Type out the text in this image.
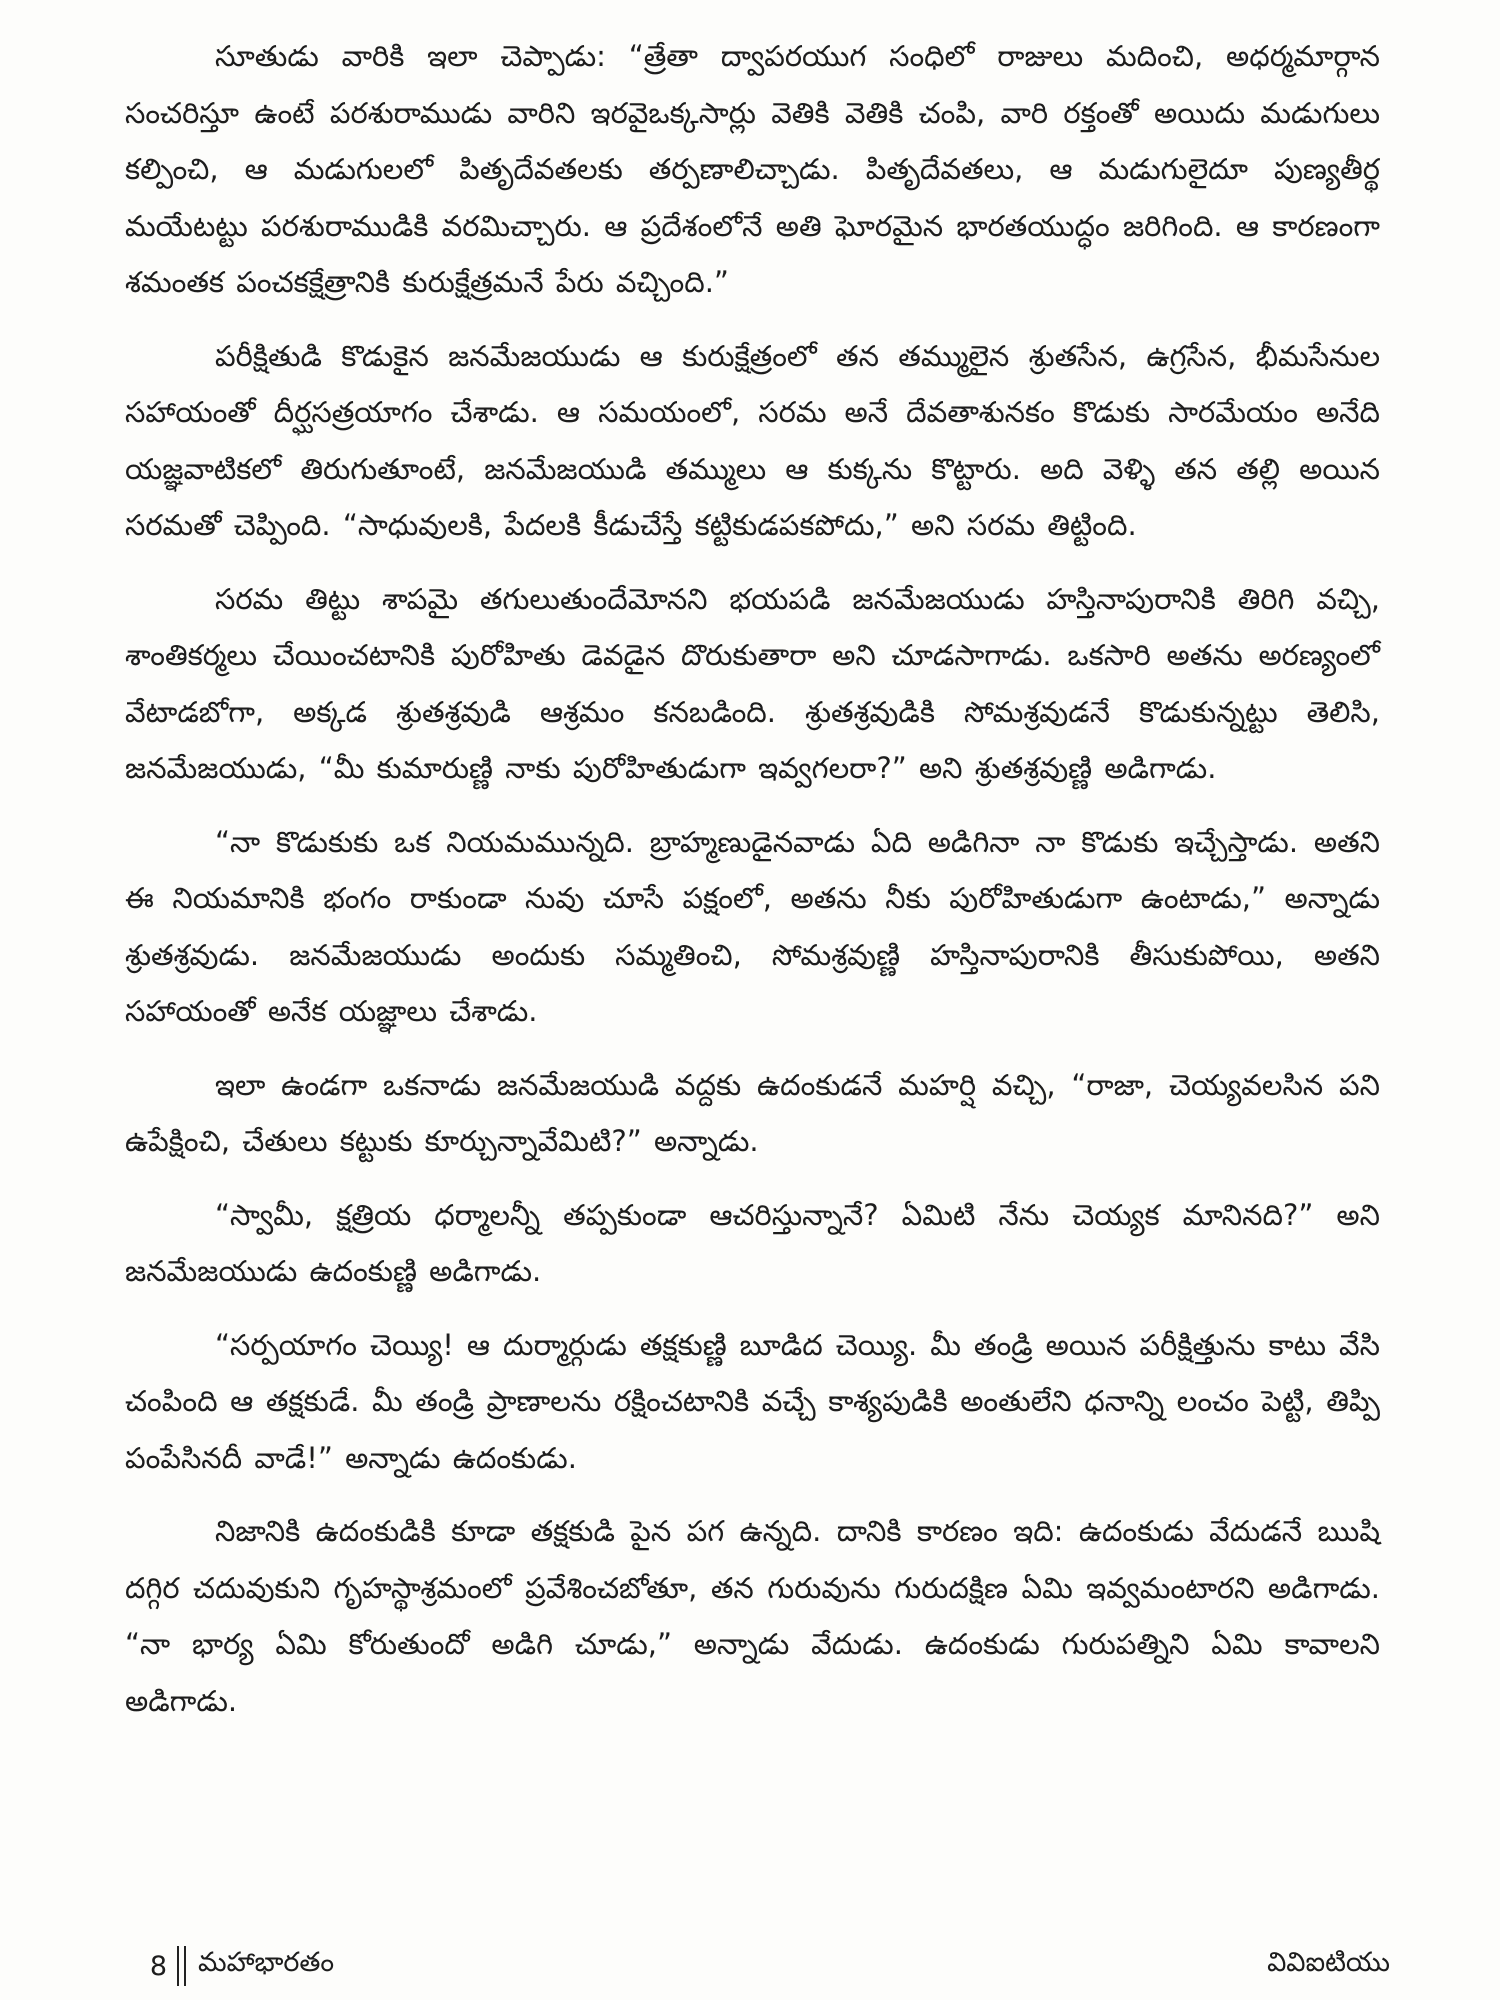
సూతుడు వారికి ఇలా చెప్పాడు: “త్రేతా ద్వాపరయుగ సంధిలో రాజులు మదించి, అధర్మమార్గాన సంచరిస్తూ ఉంటే పరశురాముడు వారిని ఇరవైఒక్కసార్లు వెతికి వెతికి చంపి, వారి రక్తంతో అయిదు మడుగులు కల్పించి, ఆ మడుగులలో పితృదేవతలకు తర్పణాలిచ్చాడు. పితృదేవతలు, ఆ మడుగులైదూ పుణ్యతీర్థ మయేటట్టు పరశురాముడికి వరమిచ్చారు. ఆ ప్రదేశంలోనే అతి ఘోరమైన భారతయుద్ధం జరిగింది. ఆ కారణంగా శమంతక పంచకక్షేత్రానికి కురుక్షేత్రమనే పేరు వచ్చింది.”

పరీక్షితుడి కొడుకైన జనమేజయుడు ఆ కురుక్షేత్రంలో తన తమ్ములైన శ్రుతసేన, ఉగ్రసేన, భీమసేనుల సహాయంతో దీర్ఘసత్రయాగం చేశాడు. ఆ సమయంలో, సరమ అనే దేవతాశునకం కొడుకు సారమేయం అనేది యజ్ఞవాటికలో తిరుగుతూంటే, జనమేజయుడి తమ్ములు ఆ కుక్కను కొట్టారు. అది వెళ్ళి తన తల్లి అయిన సరమతో చెప్పింది. “సాధువులకి, పేదలకి కీడుచేస్తే కట్టికుడపకపోదు,” అని సరమ తిట్టింది.

సరమ తిట్టు శాపమై తగులుతుందేమోనని భయపడి జనమేజయుడు హస్తినాపురానికి తిరిగి వచ్చి, శాంతికర్మలు చేయించటానికి పురోహితు డెవడైన దొరుకుతారా అని చూడసాగాడు. ఒకసారి అతను అరణ్యంలో వేటాడబోగా, అక్కడ శ్రుతశ్రవుడి ఆశ్రమం కనబడింది. శ్రుతశ్రవుడికి సోమశ్రవుడనే కొడుకున్నట్టు తెలిసి, జనమేజయుడు, “మీ కుమారుణ్ణి నాకు పురోహితుడుగా ఇవ్వగలరా?” అని శ్రుతశ్రవుణ్ణి అడిగాడు.

“నా కొడుకుకు ఒక నియమమున్నది. బ్రాహ్మణుడైనవాడు ఏది అడిగినా నా కొడుకు ఇచ్చేస్తాడు. అతని ఈ నియమానికి భంగం రాకుండా నువు చూసే పక్షంలో, అతను నీకు పురోహితుడుగా ఉంటాడు,” అన్నాడు శ్రుతశ్రవుడు. జనమేజయుడు అందుకు సమ్మతించి, సోమశ్రవుణ్ణి హస్తినాపురానికి తీసుకుపోయి, అతని సహాయంతో అనేక యజ్ఞాలు చేశాడు.

ఇలా ఉండగా ఒకనాడు జనమేజయుడి వద్దకు ఉదంకుడనే మహర్షి వచ్చి, “రాజా, చెయ్యవలసిన పని ఉపేక్షించి, చేతులు కట్టుకు కూర్చున్నావేమిటి?” అన్నాడు.

“స్వామీ, క్షత్రియ ధర్మాలన్నీ తప్పకుండా ఆచరిస్తున్నానే? ఏమిటి నేను చెయ్యక మానినది?” అని జనమేజయుడు ఉదంకుణ్ణి అడిగాడు.

“సర్పయాగం చెయ్యి! ఆ దుర్మార్గుడు తక్షకుణ్ణి బూడిద చెయ్యి. మీ తండ్రి అయిన పరీక్షిత్తును కాటు వేసి చంపింది ఆ తక్షకుడే. మీ తండ్రి ప్రాణాలను రక్షించటానికి వచ్చే కాశ్యపుడికి అంతులేని ధనాన్ని లంచం పెట్టి, తిప్పి పంపేసినదీ వాడే!” అన్నాడు ఉదంకుడు.

నిజానికి ఉదంకుడికి కూడా తక్షకుడి పైన పగ ఉన్నది. దానికి కారణం ఇది: ఉదంకుడు వేదుడనే ఋషి దగ్గిర చదువుకుని గృహస్థాశ్రమంలో ప్రవేశించబోతూ, తన గురువును గురుదక్షిణ ఏమి ఇవ్వమంటారని అడిగాడు. “నా భార్య ఏమి కోరుతుందో అడిగి చూడు,” అన్నాడు వేదుడు. ఉదంకుడు గురుపత్నిని ఏమి కావాలని అడిగాడు.

8 మహాభారతం	వివిఐటియు
